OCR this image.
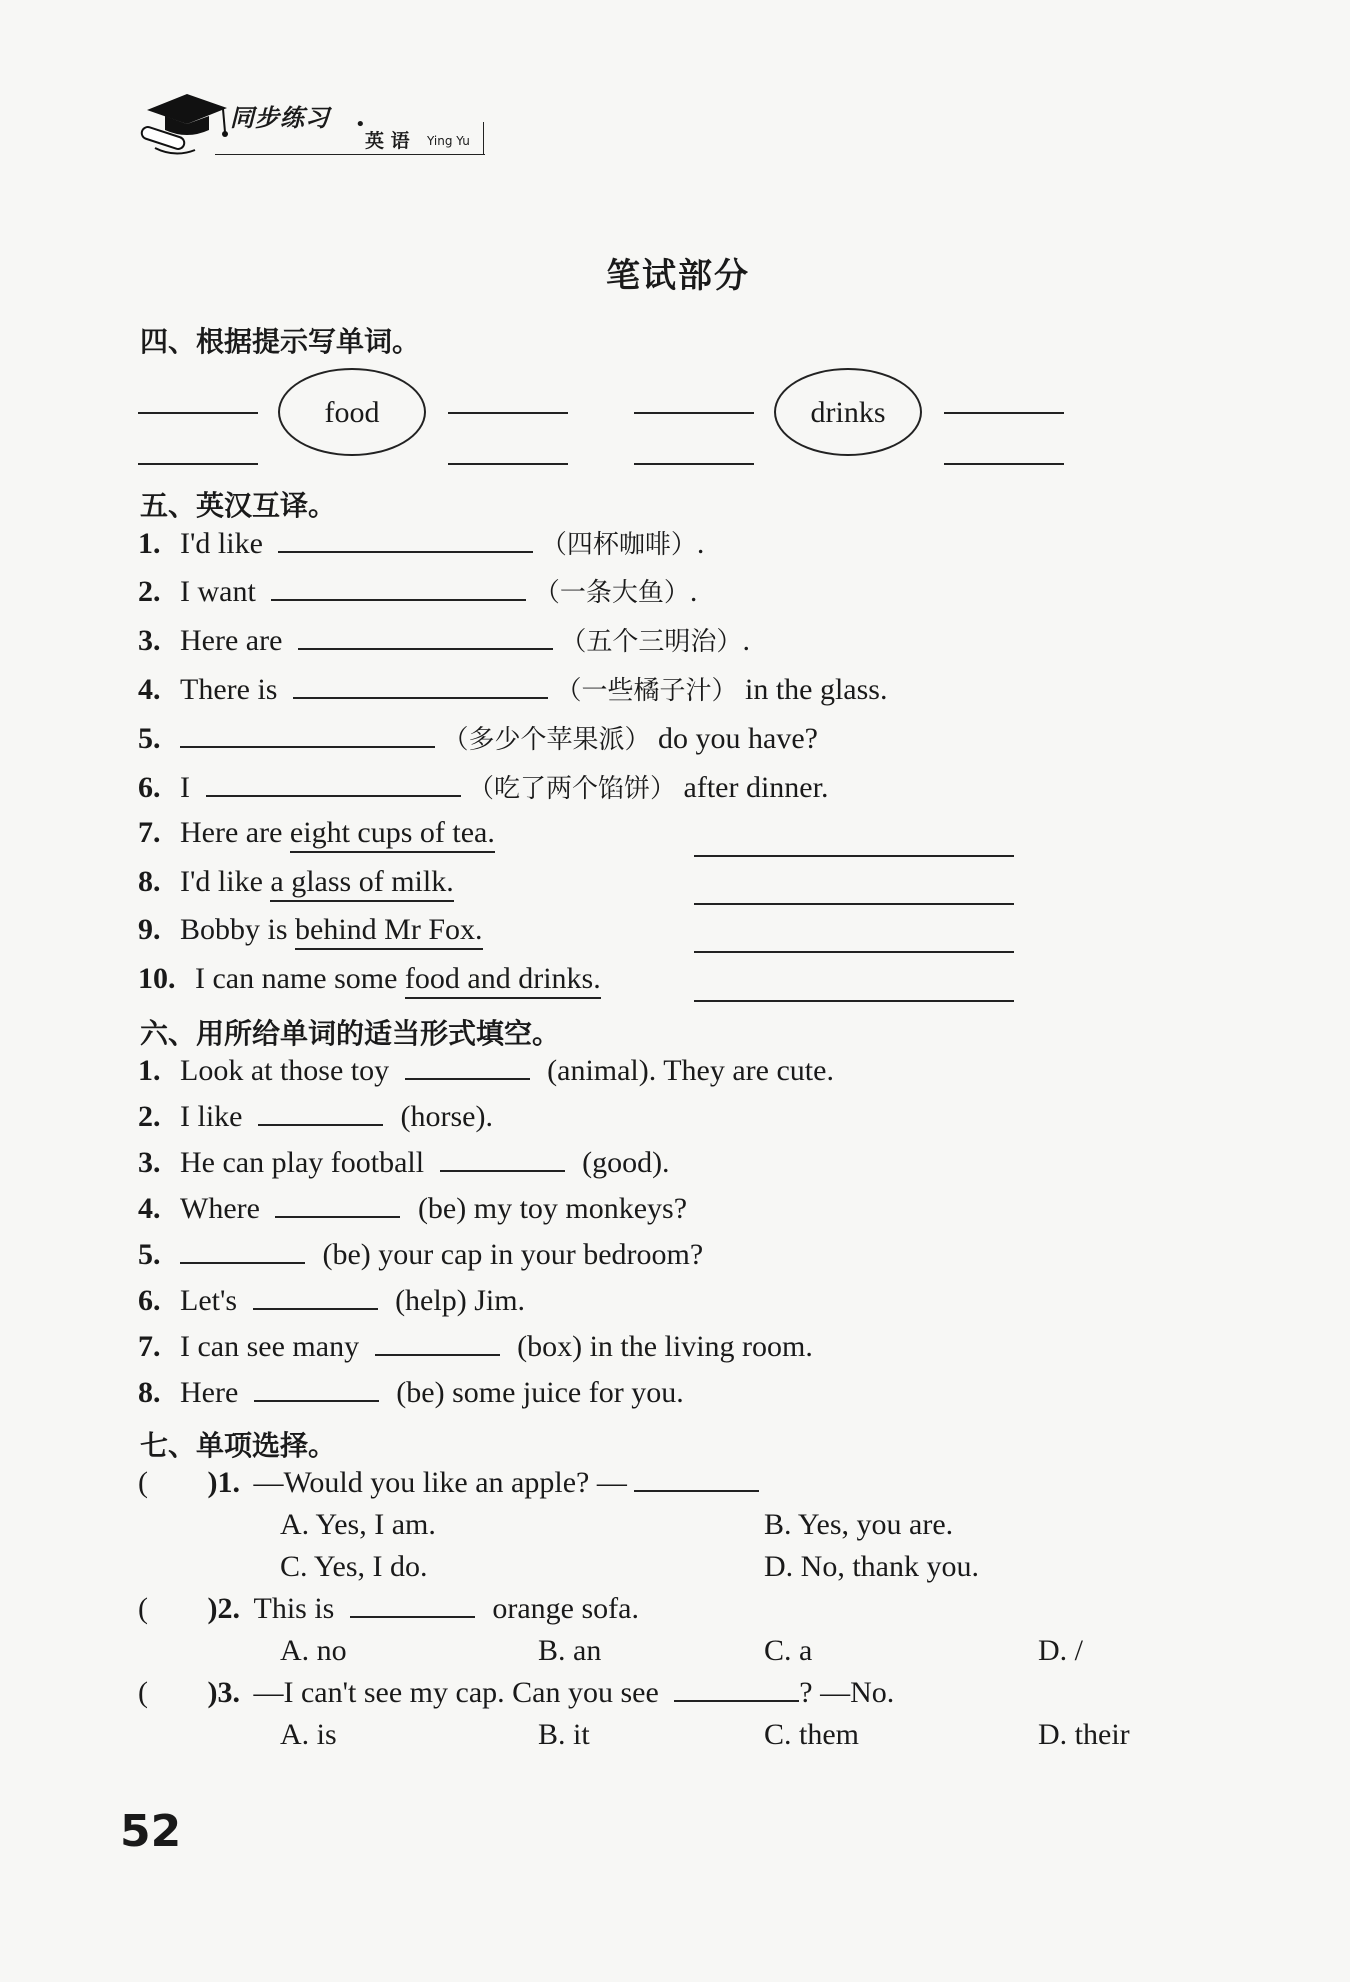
同步练习 •
英 语 Ying Yu
笔试部分
四、根据提示写单词。
food	drinks
五、英汉互译。
1. I'd like	（四杯咖啡）.
2. I want	（一条大鱼）.
3. Here are	（五个三明治）.
4. There is	（一些橘子汁） in the glass.
5.	（多少个苹果派） do you have?
6. I	（吃了两个馅饼） after dinner.
7. Here are eight cups of tea.
8. I'd like a glass of milk.
9. Bobby is behind Mr Fox.
10. I can name some food and drinks.
六、用所给单词的适当形式填空。
1. Look at those toy	(animal). They are cute.
2. I like	(horse).
3. He can play football	(good).
4. Where	(be) my toy monkeys?
5.	(be) your cap in your bedroom?
6. Let's	(help) Jim.
7. I can see many	(box) in the living room.
8. Here	(be) some juice for you.
七、单项选择。
( )1. —Would you like an apple? —
A. Yes, I am.	B. Yes, you are.
C. Yes, I do.	D. No, thank you.
( )2. This is	orange sofa.
A. no	B. an	C. a	D. /
( )3. —I can't see my cap. Can you see	? —No.
A. is	B. it	C. them	D. their
52
